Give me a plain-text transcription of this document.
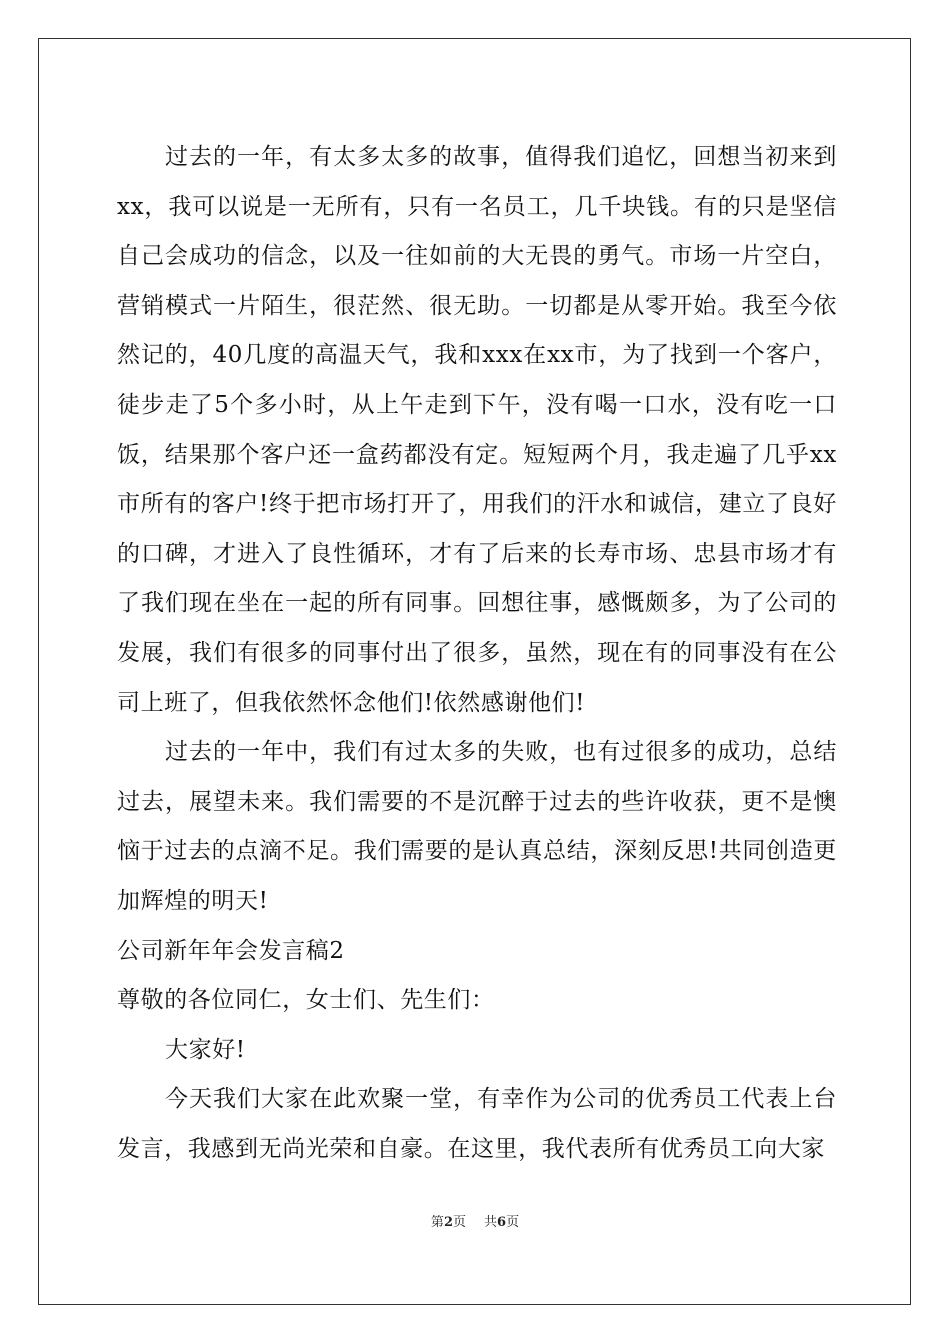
过去的一年，有太多太多的故事，值得我们追忆，回想当初来到xx，我可以说是一无所有，只有一名员工，几千块钱。有的只是坚信自己会成功的信念，以及一往如前的大无畏的勇气。市场一片空白，营销模式一片陌生，很茫然、很无助。一切都是从零开始。我至今依然记的，40几度的高温天气，我和xxx在xx市，为了找到一个客户，徒步走了5个多小时，从上午走到下午，没有喝一口水，没有吃一口饭，结果那个客户还一盒药都没有定。短短两个月，我走遍了几乎xx市所有的客户!终于把市场打开了，用我们的汗水和诚信，建立了良好的口碑，才进入了良性循环，才有了后来的长寿市场、忠县市场才有了我们现在坐在一起的所有同事。回想往事，感慨颇多，为了公司的发展，我们有很多的同事付出了很多，虽然，现在有的同事没有在公司上班了，但我依然怀念他们!依然感谢他们!

过去的一年中，我们有过太多的失败，也有过很多的成功，总结过去，展望未来。我们需要的不是沉醉于过去的些许收获，更不是懊恼于过去的点滴不足。我们需要的是认真总结，深刻反思!共同创造更加辉煌的明天!

公司新年年会发言稿2

尊敬的各位同仁，女士们、先生们：

大家好!

今天我们大家在此欢聚一堂，有幸作为公司的优秀员工代表上台发言，我感到无尚光荣和自豪。在这里，我代表所有优秀员工向大家

第2页 共6页
